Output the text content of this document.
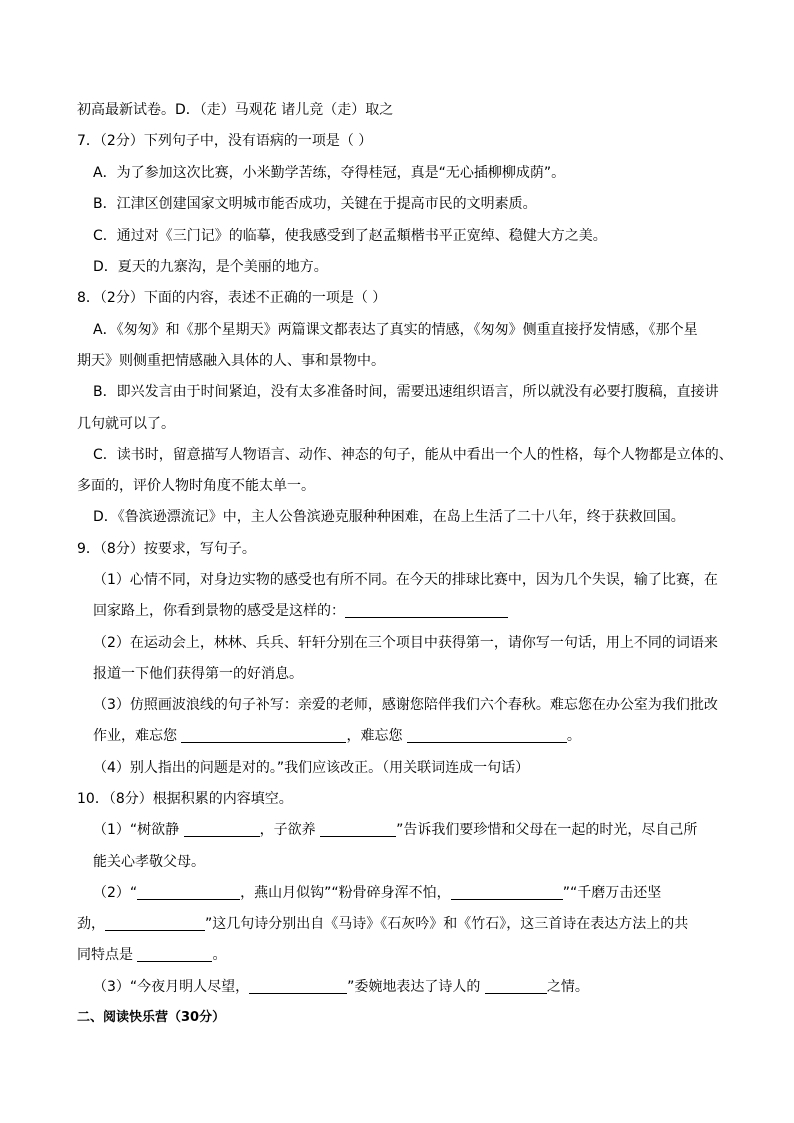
初高最新试卷。D．（走）马观花 诸儿竞（走）取之
7．（2分）下列句子中，没有语病的一项是（ ）
A．为了参加这次比赛，小米勤学苦练，夺得桂冠，真是“无心插柳柳成荫”。
B．江津区创建国家文明城市能否成功，关键在于提高市民的文明素质。
C．通过对《三门记》的临摹，使我感受到了赵孟頫楷书平正宽绰、稳健大方之美。
D．夏天的九寨沟，是个美丽的地方。
8．（2分）下面的内容，表述不正确的一项是（ ）
A．《匆匆》和《那个星期天》两篇课文都表达了真实的情感，《匆匆》侧重直接抒发情感，《那个星
期天》则侧重把情感融入具体的人、事和景物中。
B．即兴发言由于时间紧迫，没有太多准备时间，需要迅速组织语言，所以就没有必要打腹稿，直接讲
几句就可以了。
C．读书时，留意描写人物语言、动作、神态的句子，能从中看出一个人的性格，每个人物都是立体的、
多面的，评价人物时角度不能太单一。
D．《鲁滨逊漂流记》中，主人公鲁滨逊克服种种困难，在岛上生活了二十八年，终于获救回国。
9．（8分）按要求，写句子。
（1）心情不同，对身边实物的感受也有所不同。在今天的排球比赛中，因为几个失误，输了比赛，在
回家路上，你看到景物的感受是这样的：
（2）在运动会上，林林、兵兵、轩轩分别在三个项目中获得第一，请你写一句话，用上不同的词语来
报道一下他们获得第一的好消息。
（3）仿照画波浪线的句子补写：亲爱的老师，感谢您陪伴我们六个春秋。难忘您在办公室为我们批改
作业，难忘您	，难忘您	。
（4）别人指出的问题是对的。”我们应该改正。（用关联词连成一句话）
10．（8分）根据积累的内容填空。
（1）“树欲静	，子欲养	”告诉我们要珍惜和父母在一起的时光，尽自己所
能关心孝敬父母。
（2）“	，燕山月似钩”“粉骨碎身浑不怕，	”“千磨万击还坚
劲，	”这几句诗分别出自《马诗》《石灰吟》和《竹石》，这三首诗在表达方法上的共
同特点是	。
（3）“今夜月明人尽望，	”委婉地表达了诗人的	之情。
二、阅读快乐营（30分）
